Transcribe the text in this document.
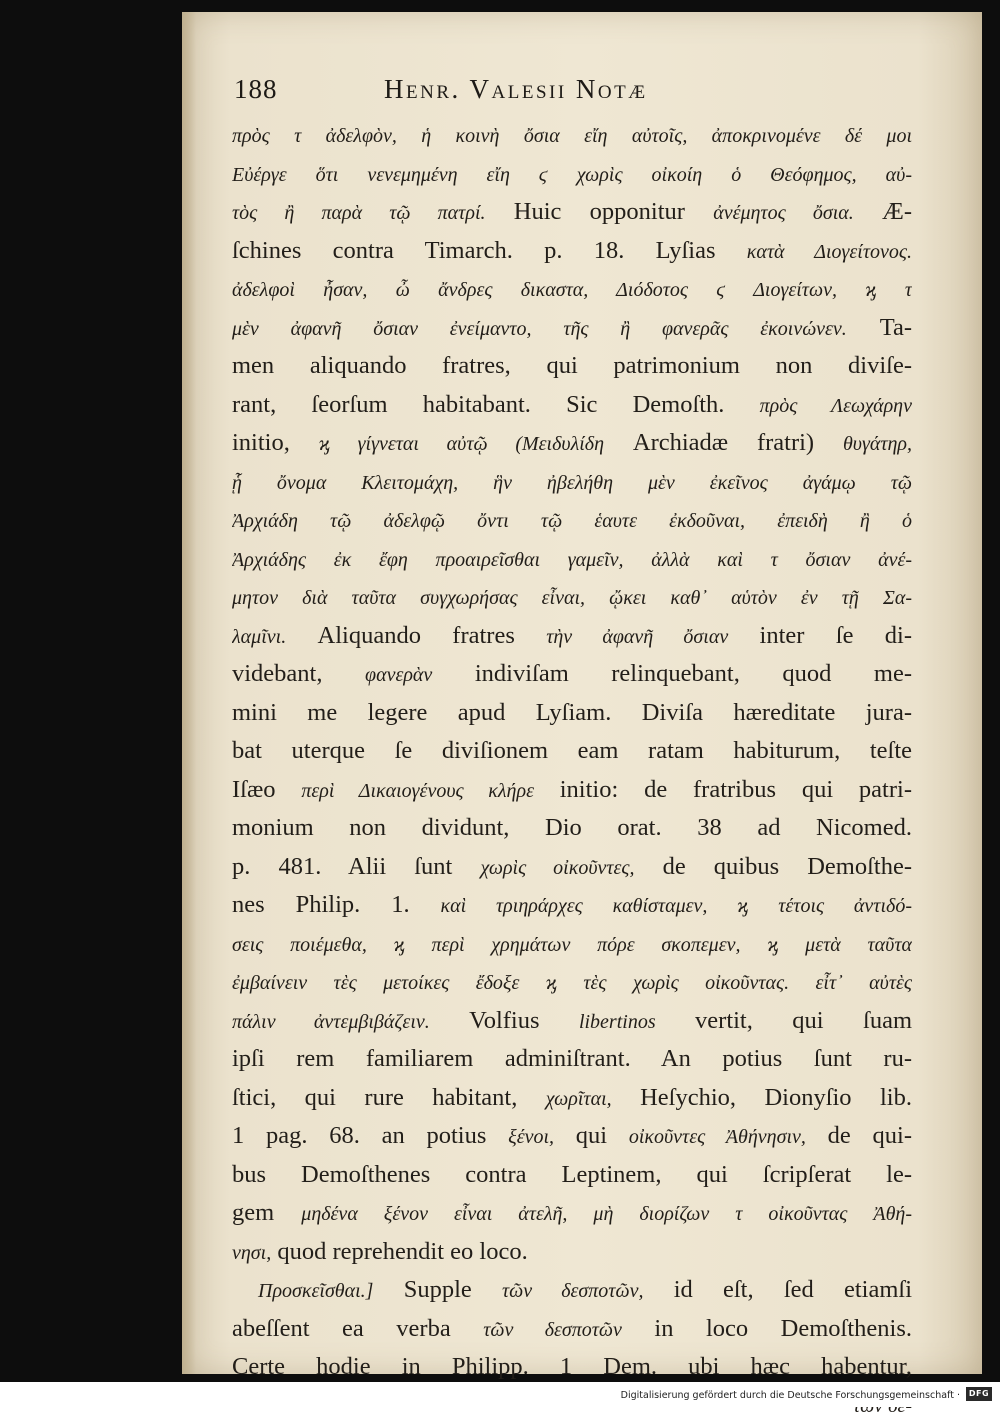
188	Henr. Valesii Notæ
πρὸς τ ἀδελφὸν, ἡ κοινὴ ὄσια εἴη αὐτοῖς, ἀποκρινομένε δέ μοι
Εὐέργε ὅτι νενεμημένη εἴη ϛ χωρὶς οἰκοίη ὁ Θεόφημος, αὐ-
τὸς ἢ παρὰ τῷ πατρί. Huic opponitur ἀνέμητος ὄσια. Æ-
ſchines contra Timarch. p. 18. Lyſias κατὰ Διογείτονος.
ἀδελφοὶ ἦσαν, ὦ ἄνδρες δικαστα, Διόδοτος ϛ Διογείτων, ϗ τ
μὲν ἀφανῆ ὄσιαν ἐνείμαντο, τῆς ἢ φανερᾶς ἐκοινώνεν. Ta-
men aliquando fratres, qui patrimonium non diviſe-
rant, ſeorſum habitabant. Sic Demoſth. πρὸς Λεωχάρην
initio, ϗ γίγνεται αὐτῷ (Μειδυλίδη Archiadæ fratri) θυγάτηρ,
ᾗ ὄνομα Κλειτομάχη, ἣν ἠβελήθη μὲν ἐκεῖνος ἀγάμῳ τῷ
Ἀρχιάδη τῷ ἀδελφῷ ὄντι τῷ ἑαυτε ἐκδοῦναι, ἐπειδὴ ἢ ὁ
Ἀρχιάδης ἐκ ἔφη προαιρεῖσθαι γαμεῖν, ἀλλὰ καὶ τ ὄσιαν ἀνέ-
μητον διὰ ταῦτα συγχωρήσας εἶναι, ᾤκει καθ᾽ αὑτὸν ἐν τῇ Σα-
λαμῖνι. Aliquando fratres τὴν ἀφανῆ ὄσιαν inter ſe di-
videbant, φανερὰν indiviſam relinquebant, quod me-
mini me legere apud Lyſiam. Diviſa hæreditate jura-
bat uterque ſe diviſionem eam ratam habiturum, teſte
Iſæo περὶ Δικαιογένους κλήρε initio: de fratribus qui patri-
monium non dividunt, Dio orat. 38 ad Nicomed.
p. 481. Alii ſunt χωρὶς οἰκοῦντες, de quibus Demoſthe-
nes Philip. 1. καὶ τριηράρχες καθίσταμεν, ϗ τέτοις ἀντιδό-
σεις ποιέμεθα, ϗ περὶ χρημάτων πόρε σκοπεμεν, ϗ μετὰ ταῦτα
ἐμβαίνειν τὲς μετοίκες ἔδοξε ϗ τὲς χωρὶς οἰκοῦντας. εἶτ᾽ αὐτὲς
πάλιν ἀντεμβιβάζειν. Volfius libertinos vertit, qui ſuam
ipſi rem familiarem adminiſtrant. An potius ſunt ru-
ſtici, qui rure habitant, χωρῖται, Heſychio, Dionyſio lib.
1 pag. 68. an potius ξένοι, qui οἰκοῦντες Ἀθήνησιν, de qui-
bus Demoſthenes contra Leptinem, qui ſcripſerat le-
gem μηδένα ξένον εἶναι ἀτελῆ, μὴ διορίζων τ οἰκοῦντας Ἀθή-
νησι, quod reprehendit eo loco.
Προσκεῖσθαι.] Supple τῶν δεσποτῶν, id eſt, ſed etiamſi
abeſſent ea verba τῶν δεσποτῶν in loco Demoſthenis.
Certe hodie in Philipp. 1 Dem. ubi hæc habentur,
Digitalisierung gefördert durch die Deutsche Forschungsgemeinschaft ·	DFG
